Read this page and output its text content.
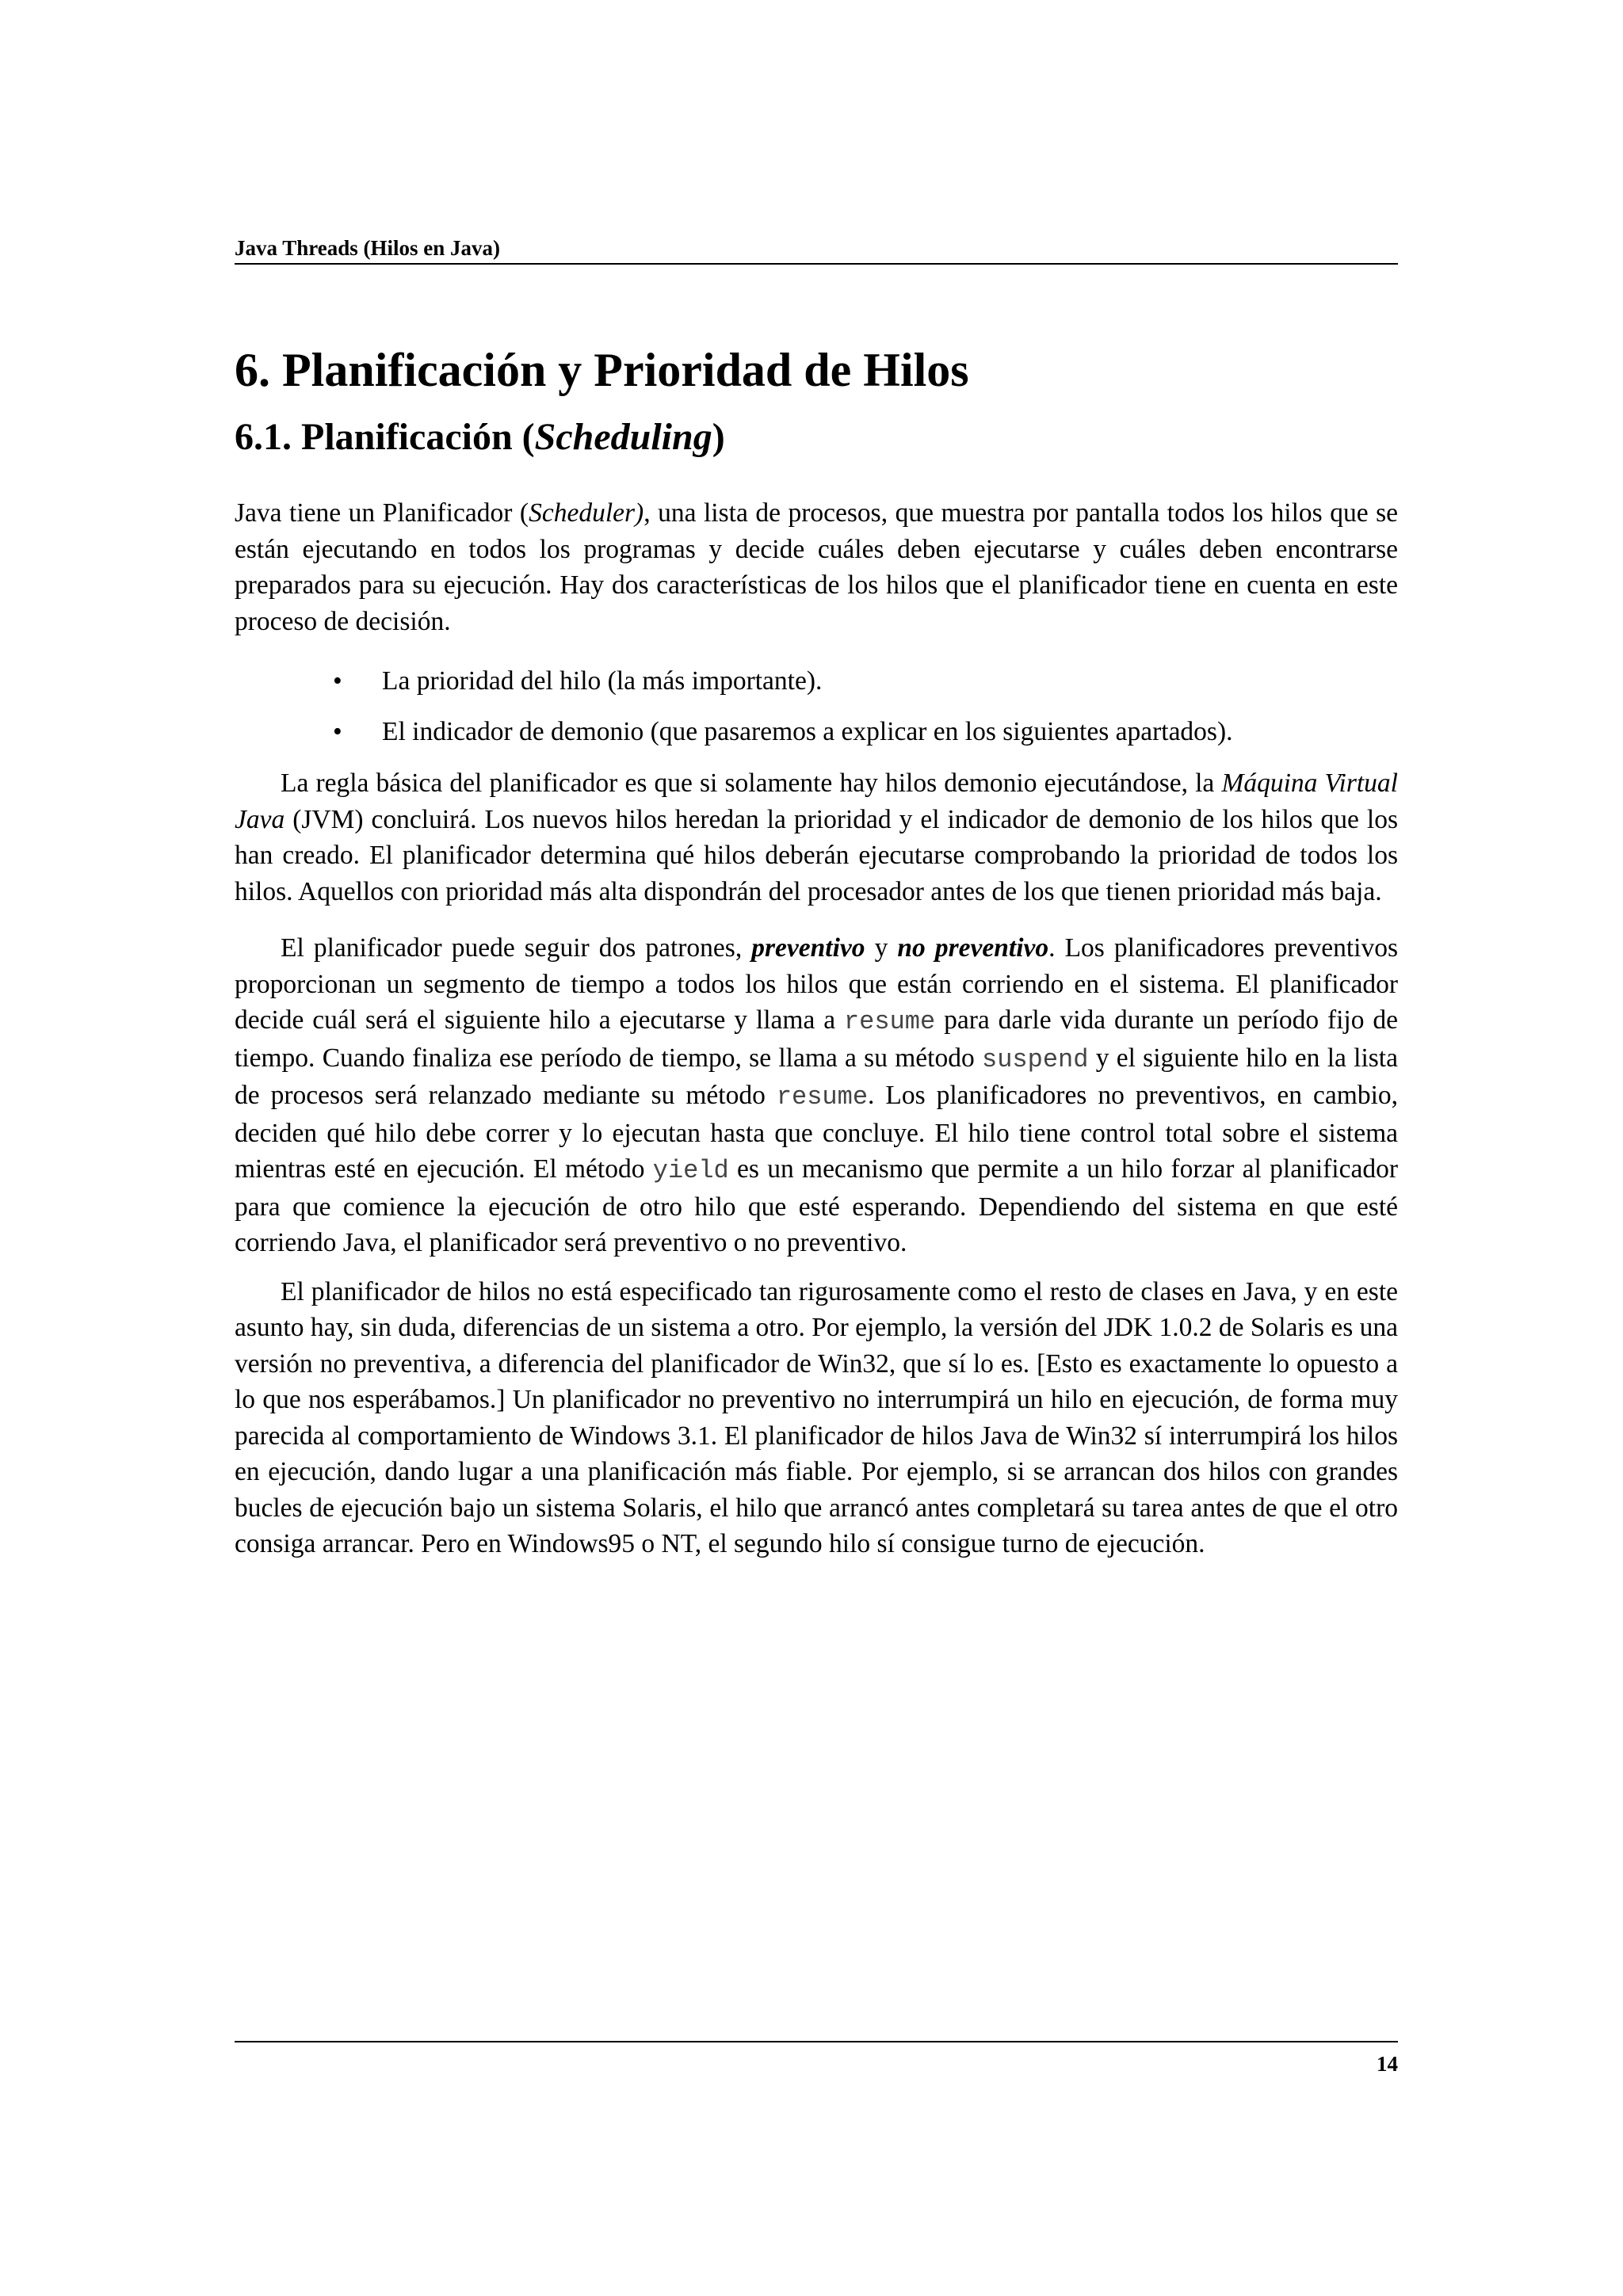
Java Threads (Hilos en Java)
6. Planificación y Prioridad de Hilos
6.1. Planificación (Scheduling)

Java tiene un Planificador (Scheduler), una lista de procesos, que muestra por pantalla todos los hilos que se están ejecutando en todos los programas y decide cuáles deben ejecutarse y cuáles deben encontrarse preparados para su ejecución. Hay dos características de los hilos que el planificador tiene en cuenta en este proceso de decisión.

• La prioridad del hilo (la más importante).
• El indicador de demonio (que pasaremos a explicar en los siguientes apartados).

La regla básica del planificador es que si solamente hay hilos demonio ejecutándose, la Máquina Virtual Java (JVM) concluirá. Los nuevos hilos heredan la prioridad y el indicador de demonio de los hilos que los han creado. El planificador determina qué hilos deberán ejecutarse comprobando la prioridad de todos los hilos. Aquellos con prioridad más alta dispondrán del procesador antes de los que tienen prioridad más baja.

El planificador puede seguir dos patrones, preventivo y no preventivo. Los planificadores preventivos proporcionan un segmento de tiempo a todos los hilos que están corriendo en el sistema. El planificador decide cuál será el siguiente hilo a ejecutarse y llama a resume para darle vida durante un período fijo de tiempo. Cuando finaliza ese período de tiempo, se llama a su método suspend y el siguiente hilo en la lista de procesos será relanzado mediante su método resume. Los planificadores no preventivos, en cambio, deciden qué hilo debe correr y lo ejecutan hasta que concluye. El hilo tiene control total sobre el sistema mientras esté en ejecución. El método yield es un mecanismo que permite a un hilo forzar al planificador para que comience la ejecución de otro hilo que esté esperando. Dependiendo del sistema en que esté corriendo Java, el planificador será preventivo o no preventivo.

El planificador de hilos no está especificado tan rigurosamente como el resto de clases en Java, y en este asunto hay, sin duda, diferencias de un sistema a otro. Por ejemplo, la versión del JDK 1.0.2 de Solaris es una versión no preventiva, a diferencia del planificador de Win32, que sí lo es. [Esto es exactamente lo opuesto a lo que nos esperábamos.] Un planificador no preventivo no interrumpirá un hilo en ejecución, de forma muy parecida al comportamiento de Windows 3.1. El planificador de hilos Java de Win32 sí interrumpirá los hilos en ejecución, dando lugar a una planificación más fiable. Por ejemplo, si se arrancan dos hilos con grandes bucles de ejecución bajo un sistema Solaris, el hilo que arrancó antes completará su tarea antes de que el otro consiga arrancar. Pero en Windows95 o NT, el segundo hilo sí consigue turno de ejecución.

14
